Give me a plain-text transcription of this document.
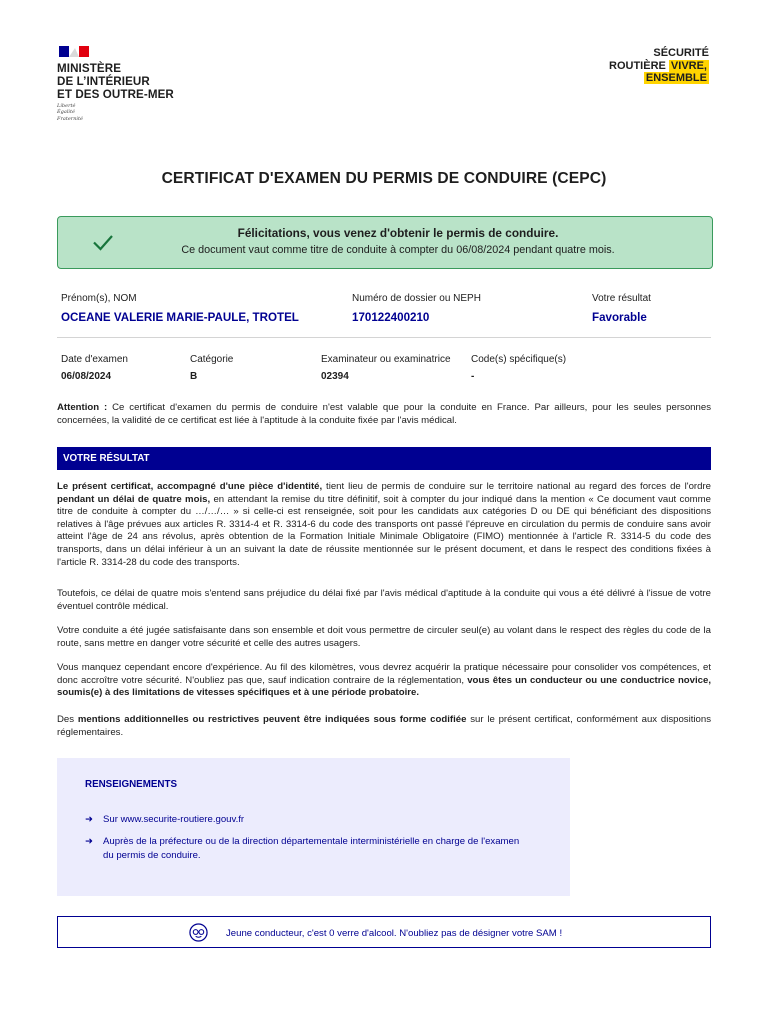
MINISTÈRE
DE L’INTÉRIEUR
ET DES OUTRE-MER
Liberté
Égalité
Fraternité
SÉCURITÉ
ROUTIÈRE VIVRE,
ENSEMBLE
CERTIFICAT D'EXAMEN DU PERMIS DE CONDUIRE (CEPC)
Félicitations, vous venez d'obtenir le permis de conduire.
Ce document vaut comme titre de conduite à compter du 06/08/2024 pendant quatre mois.
Prénom(s), NOM
OCEANE VALERIE MARIE-PAULE, TROTEL
Numéro de dossier ou NEPH
170122400210
Votre résultat
Favorable
Date d'examen
06/08/2024
Catégorie
B
Examinateur ou examinatrice
02394
Code(s) spécifique(s)
-
Attention : Ce certificat d'examen du permis de conduire n'est valable que pour la conduite en France. Par ailleurs, pour les seules personnes concernées, la validité de ce certificat est liée à l'aptitude à la conduite fixée par l'avis médical.
VOTRE RÉSULTAT
Le présent certificat, accompagné d'une pièce d'identité, tient lieu de permis de conduire sur le territoire national au regard des forces de l'ordre pendant un délai de quatre mois, en attendant la remise du titre définitif, soit à compter du jour indiqué dans la mention « Ce document vaut comme titre de conduite à compter du …/…/… » si celle-ci est renseignée, soit pour les candidats aux catégories D ou DE qui bénéficiant des dispositions relatives à l'âge prévues aux articles R. 3314-4 et R. 3314-6 du code des transports ont passé l'épreuve en circulation du permis de conduire sans avoir atteint l'âge de 24 ans révolus, après obtention de la Formation Initiale Minimale Obligatoire (FIMO) mentionnée à l'article R. 3314-5 du code des transports, dans un délai inférieur à un an suivant la date de réussite mentionnée sur le présent document, et dans le respect des conditions fixées à l'article R. 3314-28 du code des transports.
Toutefois, ce délai de quatre mois s'entend sans préjudice du délai fixé par l'avis médical d'aptitude à la conduite qui vous a été délivré à l'issue de votre éventuel contrôle médical.
Votre conduite a été jugée satisfaisante dans son ensemble et doit vous permettre de circuler seul(e) au volant dans le respect des règles du code de la route, sans mettre en danger votre sécurité et celle des autres usagers.
Vous manquez cependant encore d'expérience. Au fil des kilomètres, vous devrez acquérir la pratique nécessaire pour consolider vos compétences, et donc accroître votre sécurité. N'oubliez pas que, sauf indication contraire de la réglementation, vous êtes un conducteur ou une conductrice novice, soumis(e) à des limitations de vitesses spécifiques et à une période probatoire.
Des mentions additionnelles ou restrictives peuvent être indiquées sous forme codifiée sur le présent certificat, conformément aux dispositions réglementaires.
RENSEIGNEMENTS
➜ Sur www.securite-routiere.gouv.fr
➜ Auprès de la préfecture ou de la direction départementale interministérielle en charge de l'examen du permis de conduire.
Jeune conducteur, c'est 0 verre d'alcool. N'oubliez pas de désigner votre SAM !
